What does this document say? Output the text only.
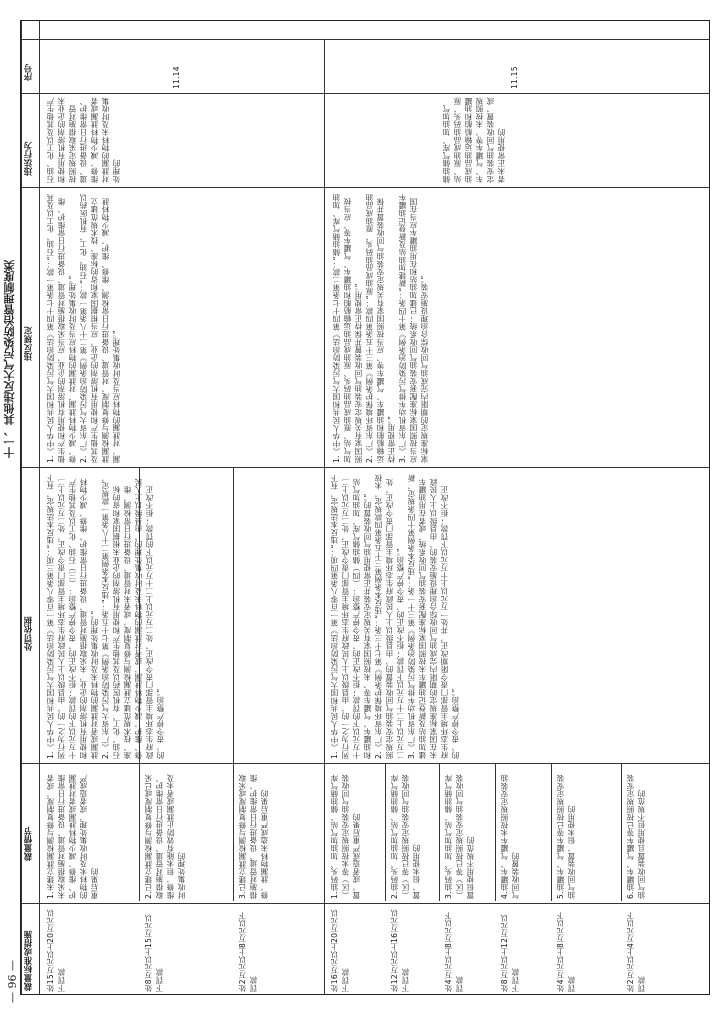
十一、其他违反大气污染防治管理制度类
— 96 —
序号
违法行为
违反规定
处罚依据
裁量情节
裁量标准或措施
11.14
石油、化工以及其他生产和使用有机溶剂的企业未按照规定采取措施对管道、设备进行日常维护、维修，减少物料泄漏或者对泄漏的物料未及时收集处理的
1.《中华人民共和国大气污染防治法》第四十七条第一款：“石油、化工以及其他生产和使用有机溶剂的企业，应当采取措施对管道、设备进行日常维护、维修，减少物料泄漏，对泄漏的物料应当及时收集处理。”
2.《广东省大气污染防治条例》第二十八条第一款：“石油、化工、有机医药以及其他生产和使用有机溶剂的企业，应当根据国家和省的标准、技术规范建立泄漏检测与修复制度，对管道、设备进行日常检测、维修、维护，减少物料泄漏，对泄漏的物料应当及时收集处理。”
1.《中华人民共和国大气污染防治法》第一百零八条第三项：“违反本法规定，有下列行为之一的，由县级以上人民政府生态环境主管部门责令改正，处二万元以上二十万元以下的罚款；拒不改正的，责令停产整治：（三）石油、化工以及其他生产和使用有机溶剂的企业，未采取措施对管道、设备进行日常维护、维修，减少物料泄漏或者对泄漏的物料未及时收集处理的。”
2.《广东省大气污染防治条例》第七十五条：“违反本条例第二十八条第一款规定，石油、化工、有机医药以及其他生产和使用有机溶剂的企业未根据国家和省的标准、技术规范建立泄漏检测与修复制度，或者未对管道、设备进行日常检测、维修、维护，减少物料泄漏，或者对泄漏的物料未及时收集处理的，由县级以上人民政府生态环境主管部门责令改正，处二万元以上二十万元以下的罚款；拒不改正的，责令停产整治。”
1.未建立泄漏检测与修复制度，或者未采取措施对管道、设备进行日常维护、维修，减少物料泄漏或者对泄漏的物料未及时收集处理，或者造成严重后果的
处15万元以上20万元以下罚款
2.已建立泄漏检测与修复制度或已采取措施对管道、设备进行日常维护、维修，但未能有效防止泄漏或者未及时收集处理的
处8万元以上15万元以下罚款
3.已建立泄漏检测与修复制度或采取措施对管道、设备进行日常维护、维修，泄漏物料未造成严重后果的
处2万元以上8万元以下罚款
11.15
储油储气库、加油加气站、原油成品油码头、原油成品油运输船舶和油罐车、气罐车等，未按照规定安装油气回收装置，或者未正常使用的
1.《中华人民共和国大气污染防治法》第四十七条第二款：“储油储气库、加油加气站、原油成品油码头、原油成品油运输船舶和油罐车、气罐车等，应当按照国家有关规定安装油气回收装置并保持正常使用。”
2.《广东省环境保护条例》第三十五条第四款：“原油成品油码头、原油成品油运输船舶和油罐车、气罐车等，应当按照国家有关规定安装油气回收装置并保持正常使用。”
3.《广东省机动车排气污染防治条例》第十四条：“新建加油站及新登记油罐车应当按照国家标准配套安装油气回收系统；已建加油站和在用油罐车应当在国家标准规定的期限内完成油气回收综合治理设施安装。”
1.《中华人民共和国大气污染防治法》第一百零八条第四项：“违反本法规定，有下列行为之一的，由县级以上人民政府生态环境主管部门责令改正，处二万元以上二十万元以下的罚款；拒不改正的，责令停产整治：（四）储油储气库、加油加气站和油罐车、气罐车等，未按照国家有关规定安装并正常使用油气回收装置的。”
2.《广东省环境保护条例》第七十三条：“违反本条例第三十五条第四款规定，未按照规定安装油气回收装置的，由县级以上人民政府生态环境主管部门责令改正，处二万元以上二十万元以下罚款；拒不改正的，责令停产整治。”
3.《广东省机动车排气污染防治条例》第三十一条：“违反本条例第十四条规定，新建加油站及新登记油罐车未按照国家标准配套安装油气回收系统，或者在用油罐车未在国家标准规定的期限内完成油气回收综合治理设施安装的，由县级以上人民政府生态环境主管部门责令限期改正，并处一万元以上十万元以下罚款；拒不改正的，责令停产整治。”
1.油码头、加油加气站、储油储气库（区）等未按照规定安装油气回收装置，或者造成严重后果的
处16万元以上20万元以下罚款
2.油码头、加油加气站、储油储气库（区）等已按照规定安装油气回收装置，但未使用的
处12万元以上16万元以下罚款
3.油码头、加油加气站、储油储气库（区）等已按照规定安装油气回收装置但使用不规范的
处4万元以上8万元以下罚款
4.油罐车、气罐车未按照规定安装油气回收装置的
处8万元以上12万元以下罚款
5.油罐车、气罐车等已按照规定安装油气回收装置，但未使用的
处4万元以上8万元以下罚款
6.油罐车、气罐车等已按照规定安装油气回收装置且使用但不规范的
处2万元以上4万元以下罚款
